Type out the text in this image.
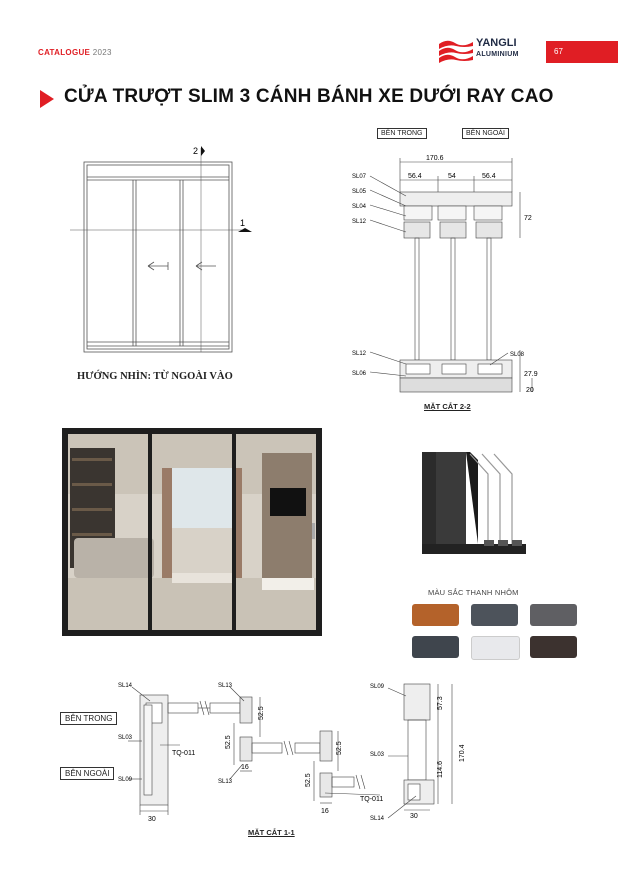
CATALOGUE 2023
YANGLI
ALUMINIUM	67
CỬA TRƯỢT SLIM 3 CÁNH BÁNH XE DƯỚI RAY CAO
1
2
HƯỚNG NHÌN: TỪ NGOÀI VÀO
BÊN TRONG	BÊN NGOÀI
170.6
56.4	54	56.4
72
27.9
20
SL07
SL05
SL04
SL12
SL12
SL06
SL08
MẶT CẮT 2-2
MÀU SẮC THANH NHÔM
BÊN TRONG
BÊN NGOÀI
SL14	SL13
SL03
TQ-011
SL09	SL13
TQ-011
30
52.5
52.5	52.5
52.5
16
16
MẶT CẮT 1-1
SL09
SL03
SL14	30
57.3
114.6
170.4
